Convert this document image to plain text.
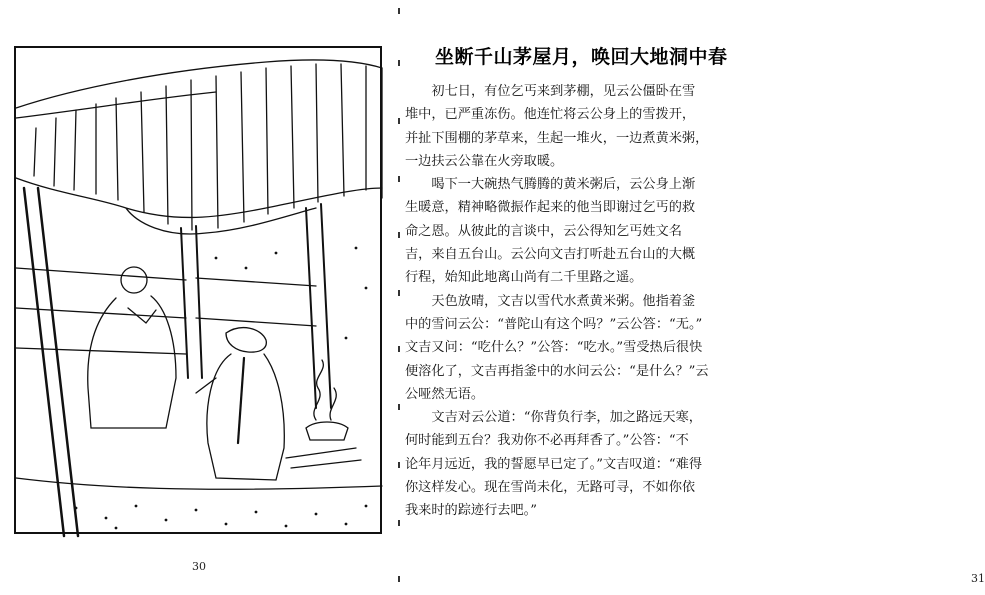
30
坐断千山茅屋月，唤回大地洞中春

初七日，有位乞丐来到茅棚，见云公僵卧在雪
堆中，已严重冻伤。他连忙将云公身上的雪拨开，
并扯下围棚的茅草来，生起一堆火，一边煮黄米粥，
一边扶云公靠在火旁取暖。

喝下一大碗热气腾腾的黄米粥后，云公身上渐
生暖意，精神略微振作起来的他当即谢过乞丐的救
命之恩。从彼此的言谈中，云公得知乞丐姓文名
吉，来自五台山。云公向文吉打听赴五台山的大概
行程，始知此地离山尚有二千里路之遥。

天色放晴，文吉以雪代水煮黄米粥。他指着釜
中的雪问云公：“普陀山有这个吗？”云公答：“无。”
文吉又问：“吃什么？”公答：“吃水。”雪受热后很快
便溶化了，文吉再指釜中的水问云公：“是什么？”云
公哑然无语。

文吉对云公道：“你背负行李，加之路远天寒，
何时能到五台？我劝你不必再拜香了。”公答：“不
论年月远近，我的誓愿早已定了。”文吉叹道：“难得
你这样发心。现在雪尚未化，无路可寻，不如你依
我来时的踪迹行去吧。”

31
